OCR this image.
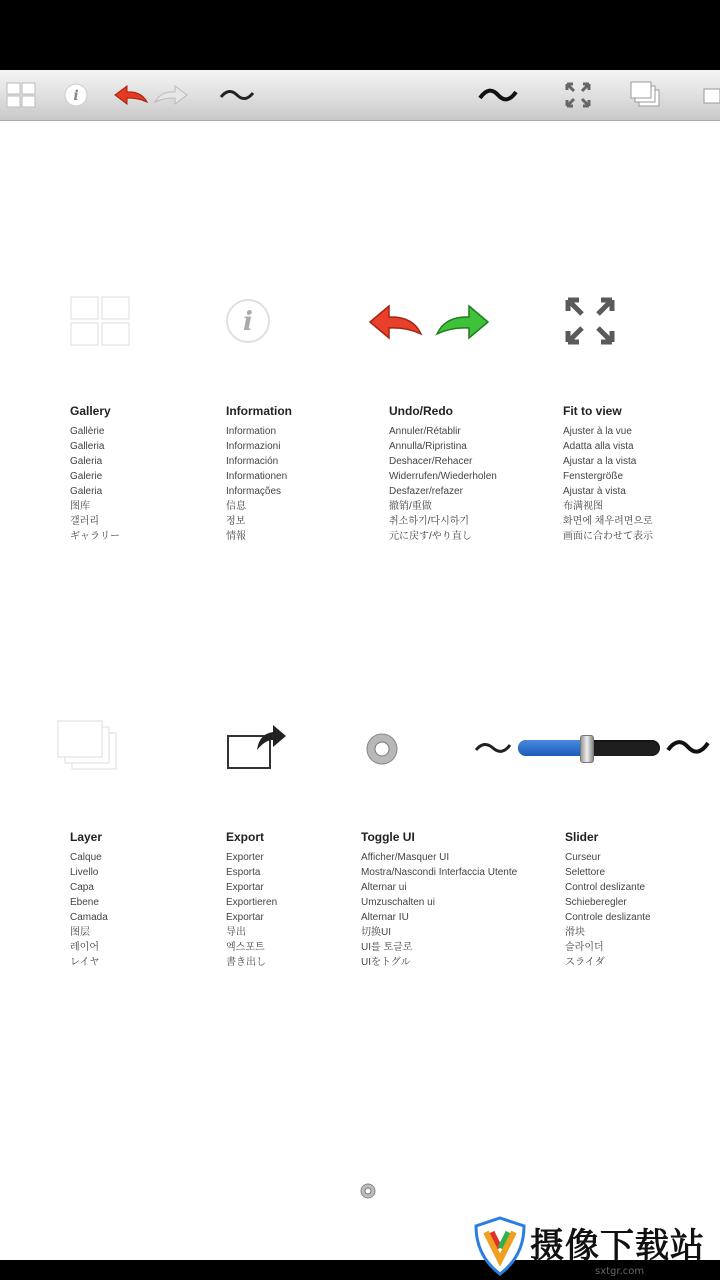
i
i
Gallery
Gallèrie
Galleria
Galeria
Galerie
Galeria
图库
갤러리
ギャラリー
Information
Information
Informazioni
Información
Informationen
Informações
信息
정보
情報
Undo/Redo
Annuler/Rétablir
Annulla/Ripristina
Deshacer/Rehacer
Widerrufen/Wiederholen
Desfazer/refazer
撤销/重做
취소하기/다시하기
元に戻す/やり直し
Fit to view
Ajuster à la vue
Adatta alla vista
Ajustar a la vista
Fenstergröße
Ajustar à vista
布满视图
화면에 채우려면으로
画面に合わせて表示
Layer
Calque
Livello
Capa
Ebene
Camada
图层
레이어
レイヤ
Export
Exporter
Esporta
Exportar
Exportieren
Exportar
导出
엑스포트
書き出し
Toggle UI
Afficher/Masquer UI
Mostra/Nascondi Interfaccia Utente
Alternar ui
Umzuschalten ui
Alternar IU
切换UI
UI를 토글로
UIをトグル
Slider
Curseur
Selettore
Control deslizante
Schieberegler
Controle deslizante
滑块
슬라이더
スライダ
摄像下载站
sxtgr.com
